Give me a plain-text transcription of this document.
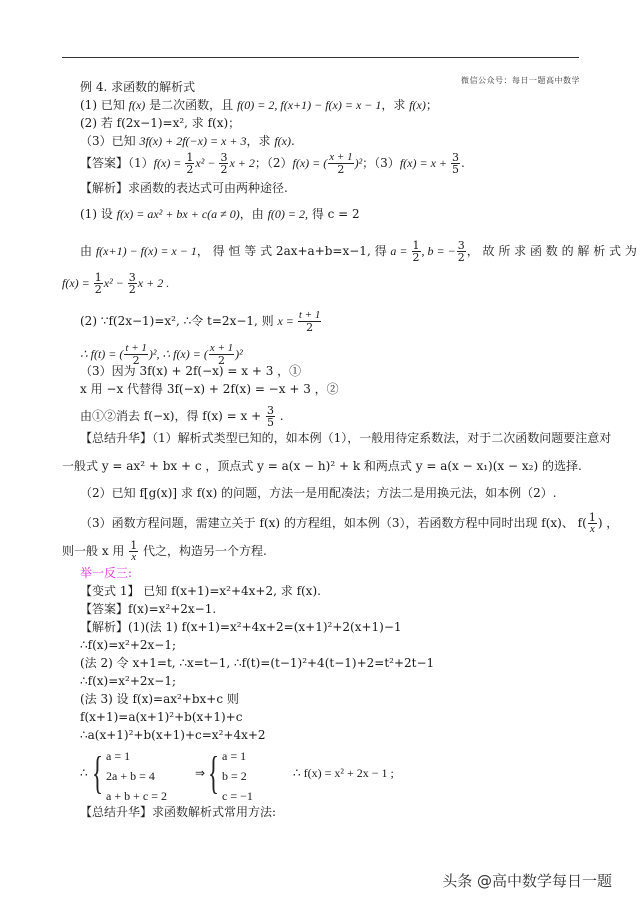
微信公众号：每日一题高中数学
例 4. 求函数的解析式
(1) 已知 f(x) 是二次函数，且 f(0) = 2, f(x+1) − f(x) = x − 1，求 f(x)；
(2) 若 f(2x−1)=x², 求 f(x)；
（3）已知 3f(x) + 2f(−x) = x + 3，求 f(x).
【答案】$(1)f(x) = \frac{1}{2} x^2 - \frac{3}{2}$ x + 2；（2）f(x) = ( $\frac{x + 1}{2} )^2$；$(3)f(x) = x + \frac{3}{5}$ .
【解析】求函数的表达式可由两种途径.
(1) 设 f(x) = ax² + bx + c(a ≠ 0)，由 f(0) = 2, 得 c = 2
由 f(x+1) − f(x) = x − 1， 得 恒 等 式 2ax+a+b=x−1, 得 $a = \frac{1}{2}$ , b = − $\frac{3}{2}$ ， 故 所 求 函 数 的 解 析 式 为
$f(x) = \frac{1}{2} x^2 - \frac{3}{2}$ x + 2 .
(2) ∵f(2x−1)=x², ∴令 t=2x−1, 则 $x = \frac{t + 1}{2}$
∴ f(t) = ( $\frac{t + 1}{2} )^2$, ∴ f(x) = ( $\frac{x + 1}{2} )^2$
（3）因为 3f(x) + 2f(−x) = x + 3 ，①
x 用 −x 代替得 3f(−x) + 2f(x) = −x + 3 ，②
由①②消去 f(−x)，得 $f(x) = x + \frac{3}{5}$ .
【总结升华】（1）解析式类型已知的，如本例（1），一般用待定系数法，对于二次函数问题要注意对
一般式 y = ax² + bx + c ，顶点式 y = a(x − h)² + k 和两点式 y = a(x − x₁)(x − x₂) 的选择.
（2）已知 f[g(x)] 求 f(x) 的问题，方法一是用配凑法；方法二是用换元法，如本例（2）.
（3）函数方程问题，需建立关于 f(x) 的方程组，如本例（3），若函数方程中同时出现 f(x)、 $f( \frac{1}{x}$ ) ，
则一般 x 用 $\frac{1}{x}$ 代之，构造另一个方程.
举一反三:
【变式 1】 已知 f(x+1)=x²+4x+2, 求 f(x).
【答案】f(x)=x²+2x−1.
【解析】(1)(法 1) f(x+1)=x²+4x+2=(x+1)²+2(x+1)−1
∴f(x)=x²+2x−1;
(法 2) 令 x+1=t, ∴x=t−1, ∴f(t)=(t−1)²+4(t−1)+2=t²+2t−1
∴f(x)=x²+2x−1;
(法 3) 设 f(x)=ax²+bx+c 则
f(x+1)=a(x+1)²+b(x+1)+c
∴a(x+1)²+b(x+1)+c=x²+4x+2
∴ { a = 1
2a + b = 4
a + b + c = 2
⇒ { a = 1
b = 2
c = −1
∴ f(x) = x² + 2x − 1 ;
【总结升华】求函数解析式常用方法:
头条 @高中数学每日一题
